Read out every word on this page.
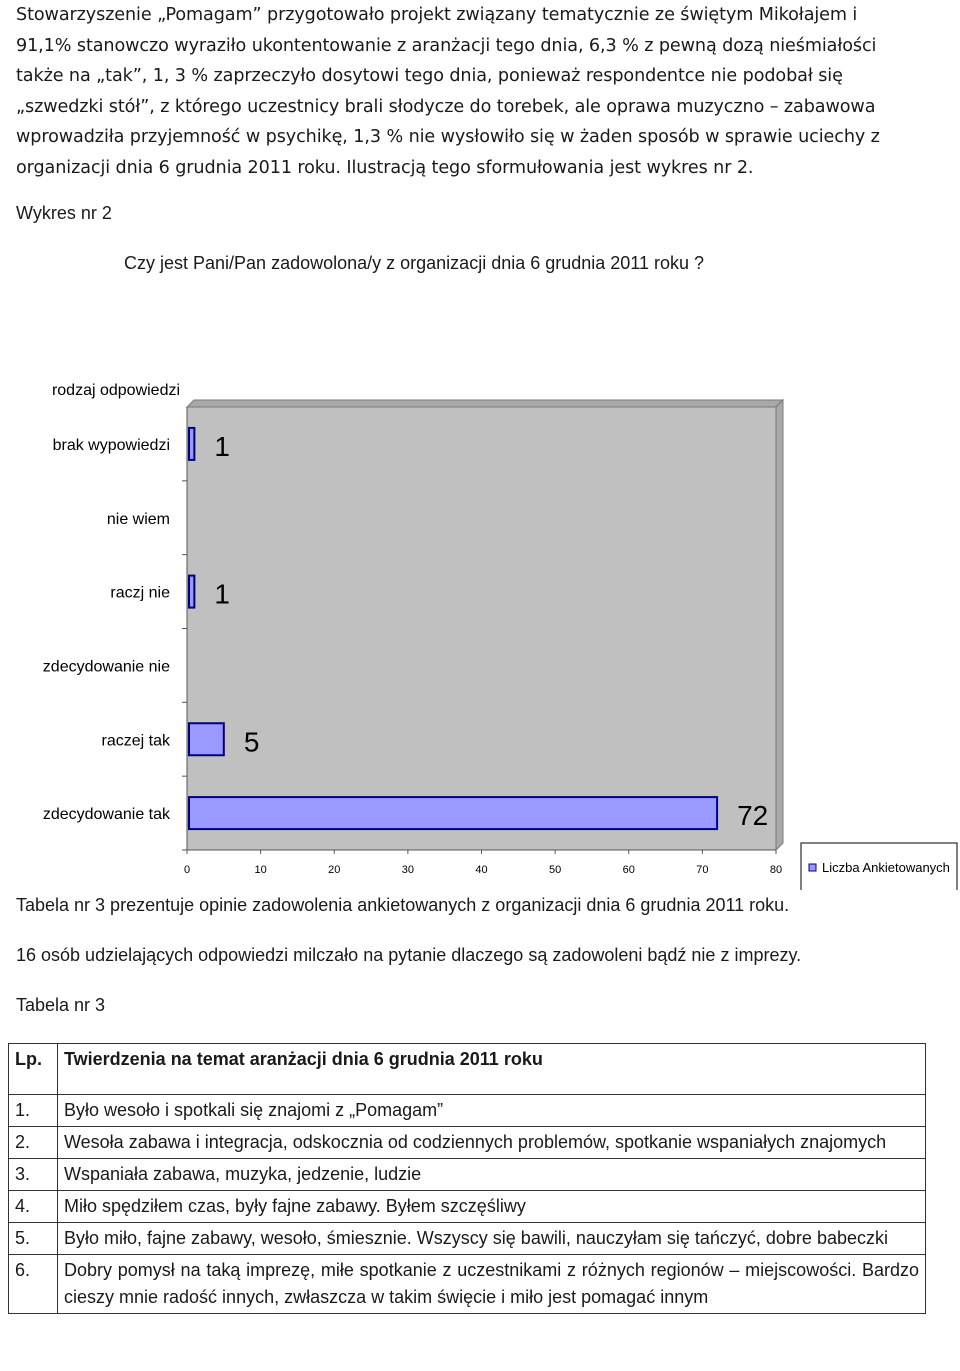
Stowarzyszenie „Pomagam” przygotowało projekt związany tematycznie ze świętym Mikołajem i
91,1% stanowczo wyraziło ukontentowanie z aranżacji tego dnia, 6,3 % z pewną dozą nieśmiałości
także na „tak”, 1, 3 % zaprzeczyło dosytowi tego dnia, ponieważ respondentce nie podobał się
„szwedzki stół”, z którego uczestnicy brali słodycze do torebek, ale oprawa muzyczno – zabawowa
wprowadziła przyjemność w psychikę, 1,3 % nie wysłowiło się w żaden sposób w sprawie uciechy z
organizacji dnia 6 grudnia 2011 roku. Ilustracją tego sformułowania jest wykres nr 2.
Wykres nr 2
Czy jest Pani/Pan zadowolona/y z organizacji dnia 6 grudnia 2011 roku ?
rodzaj odpowiedzi
brak wypowiedzi 1
nie wiem
raczj nie 1
zdecydowanie nie
raczej tak	5
zdecydowanie tak	72
0	10	20	30	40	50	60	70	80	Liczba Ankietowanych
Tabela nr 3 prezentuje opinie zadowolenia ankietowanych z organizacji dnia 6 grudnia 2011 roku.
16 osób udzielających odpowiedzi milczało na pytanie dlaczego są zadowoleni bądź nie z imprezy.
Tabela nr 3
Lp.	Twierdzenia na temat aranżacji dnia 6 grudnia 2011 roku
1.	Było wesoło i spotkali się znajomi z „Pomagam”
2.	Wesoła zabawa i integracja, odskocznia od codziennych problemów, spotkanie wspaniałych znajomych
3.	Wspaniała zabawa, muzyka, jedzenie, ludzie
4.	Miło spędziłem czas, były fajne zabawy. Byłem szczęśliwy
5.	Było miło, fajne zabawy, wesoło, śmiesznie. Wszyscy się bawili, nauczyłam się tańczyć, dobre babeczki
6.	Dobry pomysł na taką imprezę, miłe spotkanie z uczestnikami z różnych regionów – miejscowości. Bardzo cieszy mnie radość innych, zwłaszcza w takim święcie i miło jest pomagać innym
